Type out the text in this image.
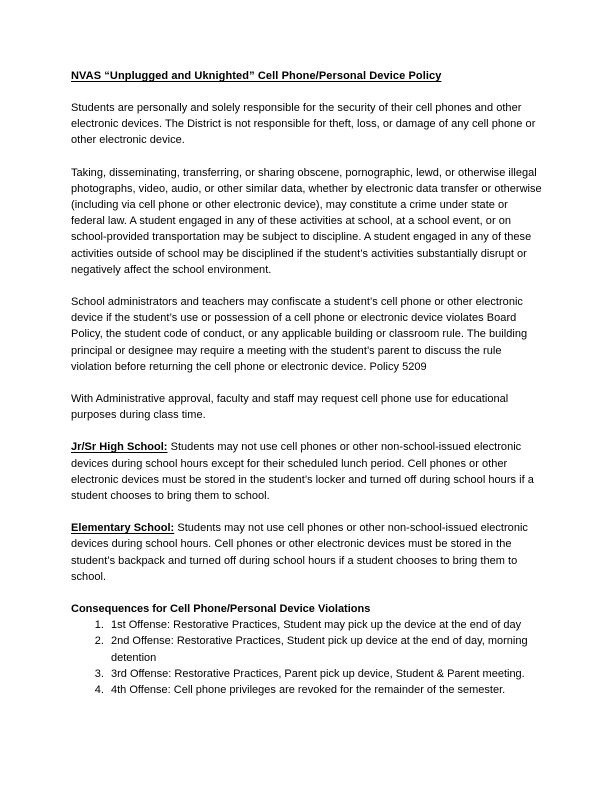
NVAS “Unplugged and Uknighted” Cell Phone/Personal Device Policy

Students are personally and solely responsible for the security of their cell phones and other electronic devices. The District is not responsible for theft, loss, or damage of any cell phone or other electronic device.

Taking, disseminating, transferring, or sharing obscene, pornographic, lewd, or otherwise illegal photographs, video, audio, or other similar data, whether by electronic data transfer or otherwise (including via cell phone or other electronic device), may constitute a crime under state or federal law. A student engaged in any of these activities at school, at a school event, or on school-provided transportation may be subject to discipline. A student engaged in any of these activities outside of school may be disciplined if the student’s activities substantially disrupt or negatively affect the school environment.

School administrators and teachers may confiscate a student’s cell phone or other electronic device if the student’s use or possession of a cell phone or electronic device violates Board Policy, the student code of conduct, or any applicable building or classroom rule. The building principal or designee may require a meeting with the student’s parent to discuss the rule violation before returning the cell phone or electronic device. Policy 5209

With Administrative approval, faculty and staff may request cell phone use for educational purposes during class time.

Jr/Sr High School: Students may not use cell phones or other non-school-issued electronic devices during school hours except for their scheduled lunch period. Cell phones or other electronic devices must be stored in the student’s locker and turned off during school hours if a student chooses to bring them to school.

Elementary School: Students may not use cell phones or other non-school-issued electronic devices during school hours. Cell phones or other electronic devices must be stored in the student’s backpack and turned off during school hours if a student chooses to bring them to school.

Consequences for Cell Phone/Personal Device Violations
1. 1st Offense: Restorative Practices, Student may pick up the device at the end of day
2. 2nd Offense: Restorative Practices, Student pick up device at the end of day, morning detention
3. 3rd Offense: Restorative Practices, Parent pick up device, Student & Parent meeting.
4. 4th Offense: Cell phone privileges are revoked for the remainder of the semester.
